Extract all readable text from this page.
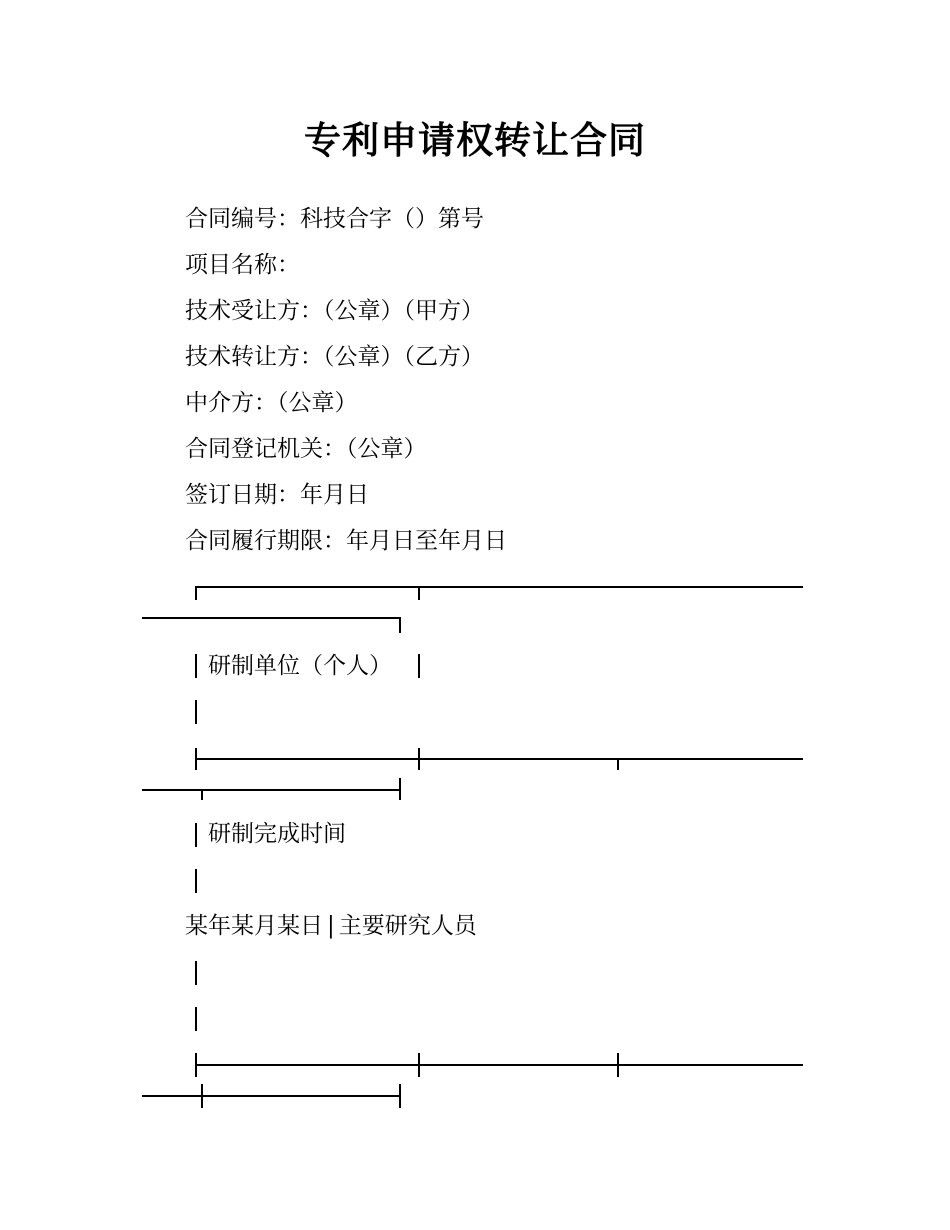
专利申请权转让合同
合同编号：科技合字（）第号
项目名称：
技术受让方：（公章）（甲方）
技术转让方：（公章）（乙方）
中介方：（公章）
合同登记机关：（公章）
签订日期：年月日
合同履行期限：年月日至年月日
研制单位（个人）
研制完成时间
某年某月某日 | 主要研究人员
